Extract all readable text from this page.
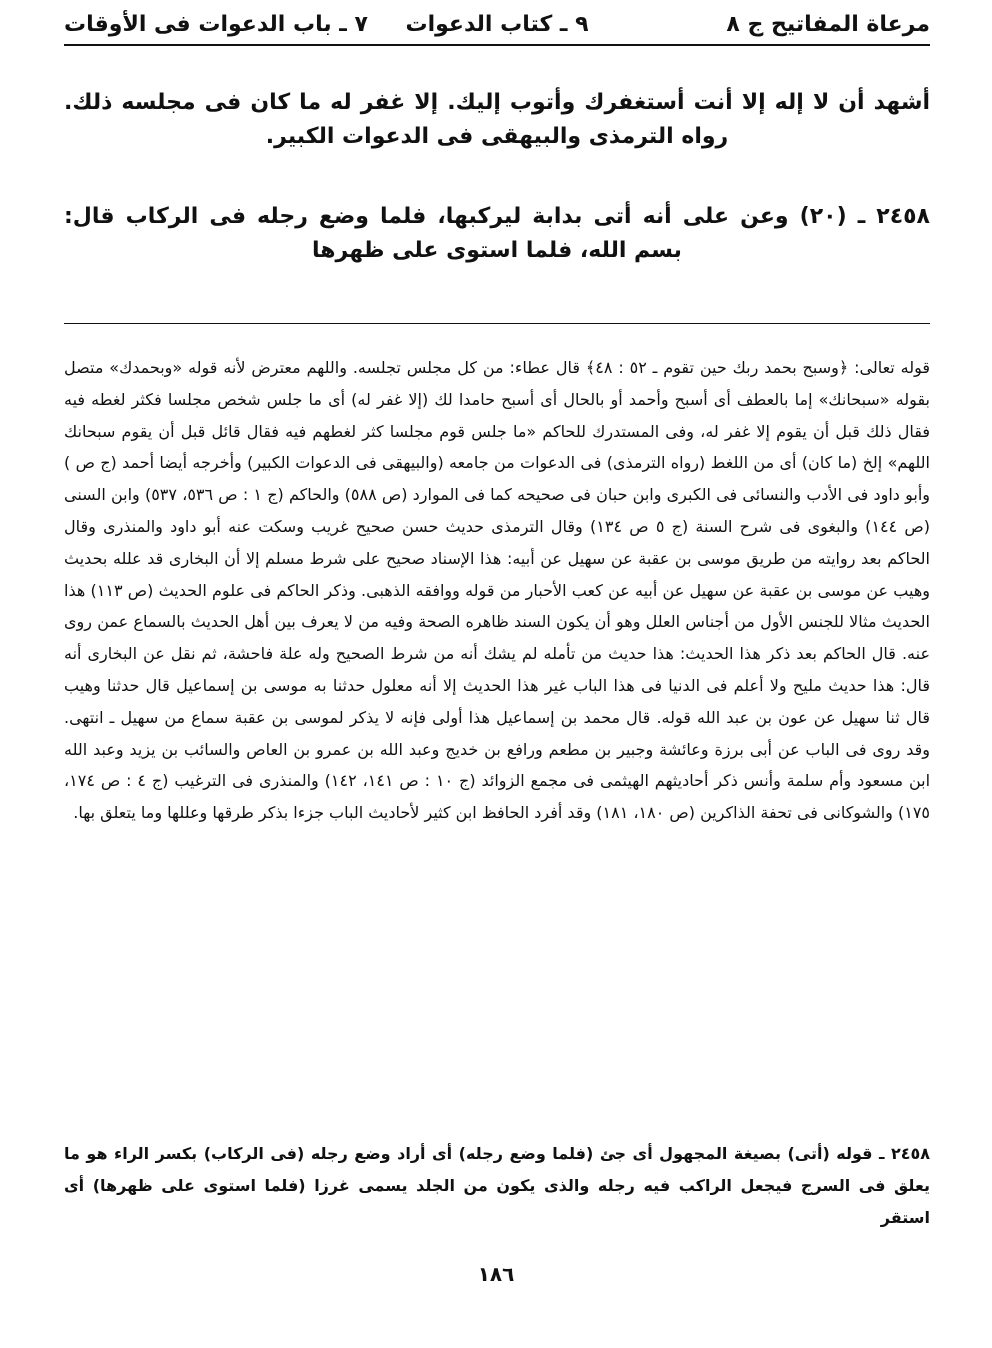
مرعاة المفاتيح ج ٨
٩ ـ كتاب الدعوات
٧ ـ باب الدعوات فى الأوقات

أشهد أن لا إله إلا أنت أستغفرك وأتوب إليك. إلا غفر له ما كان فى مجلسه ذلك. رواه الترمذى والبيهقى فى الدعوات الكبير.

٢٤٥٨ ـ (٢٠) وعن على أنه أتى بدابة ليركبها، فلما وضع رجله فى الركاب قال: بسم الله، فلما استوى على ظهرها

قوله تعالى: ﴿وسبح بحمد ربك حين تقوم ـ ٥٢ : ٤٨﴾ قال عطاء: من كل مجلس تجلسه. واللهم معترض لأنه قوله «وبحمدك» متصل بقوله «سبحانك» إما بالعطف أى أسبح وأحمد أو بالحال أى أسبح حامدا لك (إلا غفر له) أى ما جلس شخص مجلسا فكثر لغطه فيه فقال ذلك قبل أن يقوم إلا غفر له، وفى المستدرك للحاكم «ما جلس قوم مجلسا كثر لغطهم فيه فقال قائل قبل أن يقوم سبحانك اللهم» إلخ (ما كان) أى من اللغط (رواه الترمذى) فى الدعوات من جامعه (والبيهقى فى الدعوات الكبير) وأخرجه أيضا أحمد (ج ص ) وأبو داود فى الأدب والنسائى فى الكبرى وابن حبان فى صحيحه كما فى الموارد (ص ٥٨٨) والحاكم (ج ١ : ص ٥٣٦، ٥٣٧) وابن السنى (ص ١٤٤) والبغوى فى شرح السنة (ج ٥ ص ١٣٤) وقال الترمذى حديث حسن صحيح غريب وسكت عنه أبو داود والمنذرى وقال الحاكم بعد روايته من طريق موسى بن عقبة عن سهيل عن أبيه: هذا الإسناد صحيح على شرط مسلم إلا أن البخارى قد علله بحديث وهيب عن موسى بن عقبة عن سهيل عن أبيه عن كعب الأحبار من قوله ووافقه الذهبى. وذكر الحاكم فى علوم الحديث (ص ١١٣) هذا الحديث مثالا للجنس الأول من أجناس العلل وهو أن يكون السند ظاهره الصحة وفيه من لا يعرف بين أهل الحديث بالسماع عمن روى عنه. قال الحاكم بعد ذكر هذا الحديث: هذا حديث من تأمله لم يشك أنه من شرط الصحيح وله علة فاحشة، ثم نقل عن البخارى أنه قال: هذا حديث مليح ولا أعلم فى الدنيا فى هذا الباب غير هذا الحديث إلا أنه معلول حدثنا به موسى بن إسماعيل قال حدثنا وهيب قال ثنا سهيل عن عون بن عبد الله قوله. قال محمد بن إسماعيل هذا أولى فإنه لا يذكر لموسى بن عقبة سماع من سهيل ـ انتهى. وقد روى فى الباب عن أبى برزة وعائشة وجبير بن مطعم ورافع بن خديج وعبد الله بن عمرو بن العاص والسائب بن يزيد وعبد الله ابن مسعود وأم سلمة وأنس ذكر أحاديثهم الهيثمى فى مجمع الزوائد (ج ١٠ : ص ١٤١، ١٤٢) والمنذرى فى الترغيب (ج ٤ : ص ١٧٤، ١٧٥) والشوكانى فى تحفة الذاكرين (ص ١٨٠، ١٨١) وقد أفرد الحافظ ابن كثير لأحاديث الباب جزءا بذكر طرقها وعللها وما يتعلق بها.

٢٤٥٨ ـ قوله (أتى) بصيغة المجهول أى جئ (فلما وضع رجله) أى أراد وضع رجله (فى الركاب) بكسر الراء هو ما يعلق فى السرج فيجعل الراكب فيه رجله والذى يكون من الجلد يسمى غرزا (فلما استوى على ظهرها) أى استقر

١٨٦
